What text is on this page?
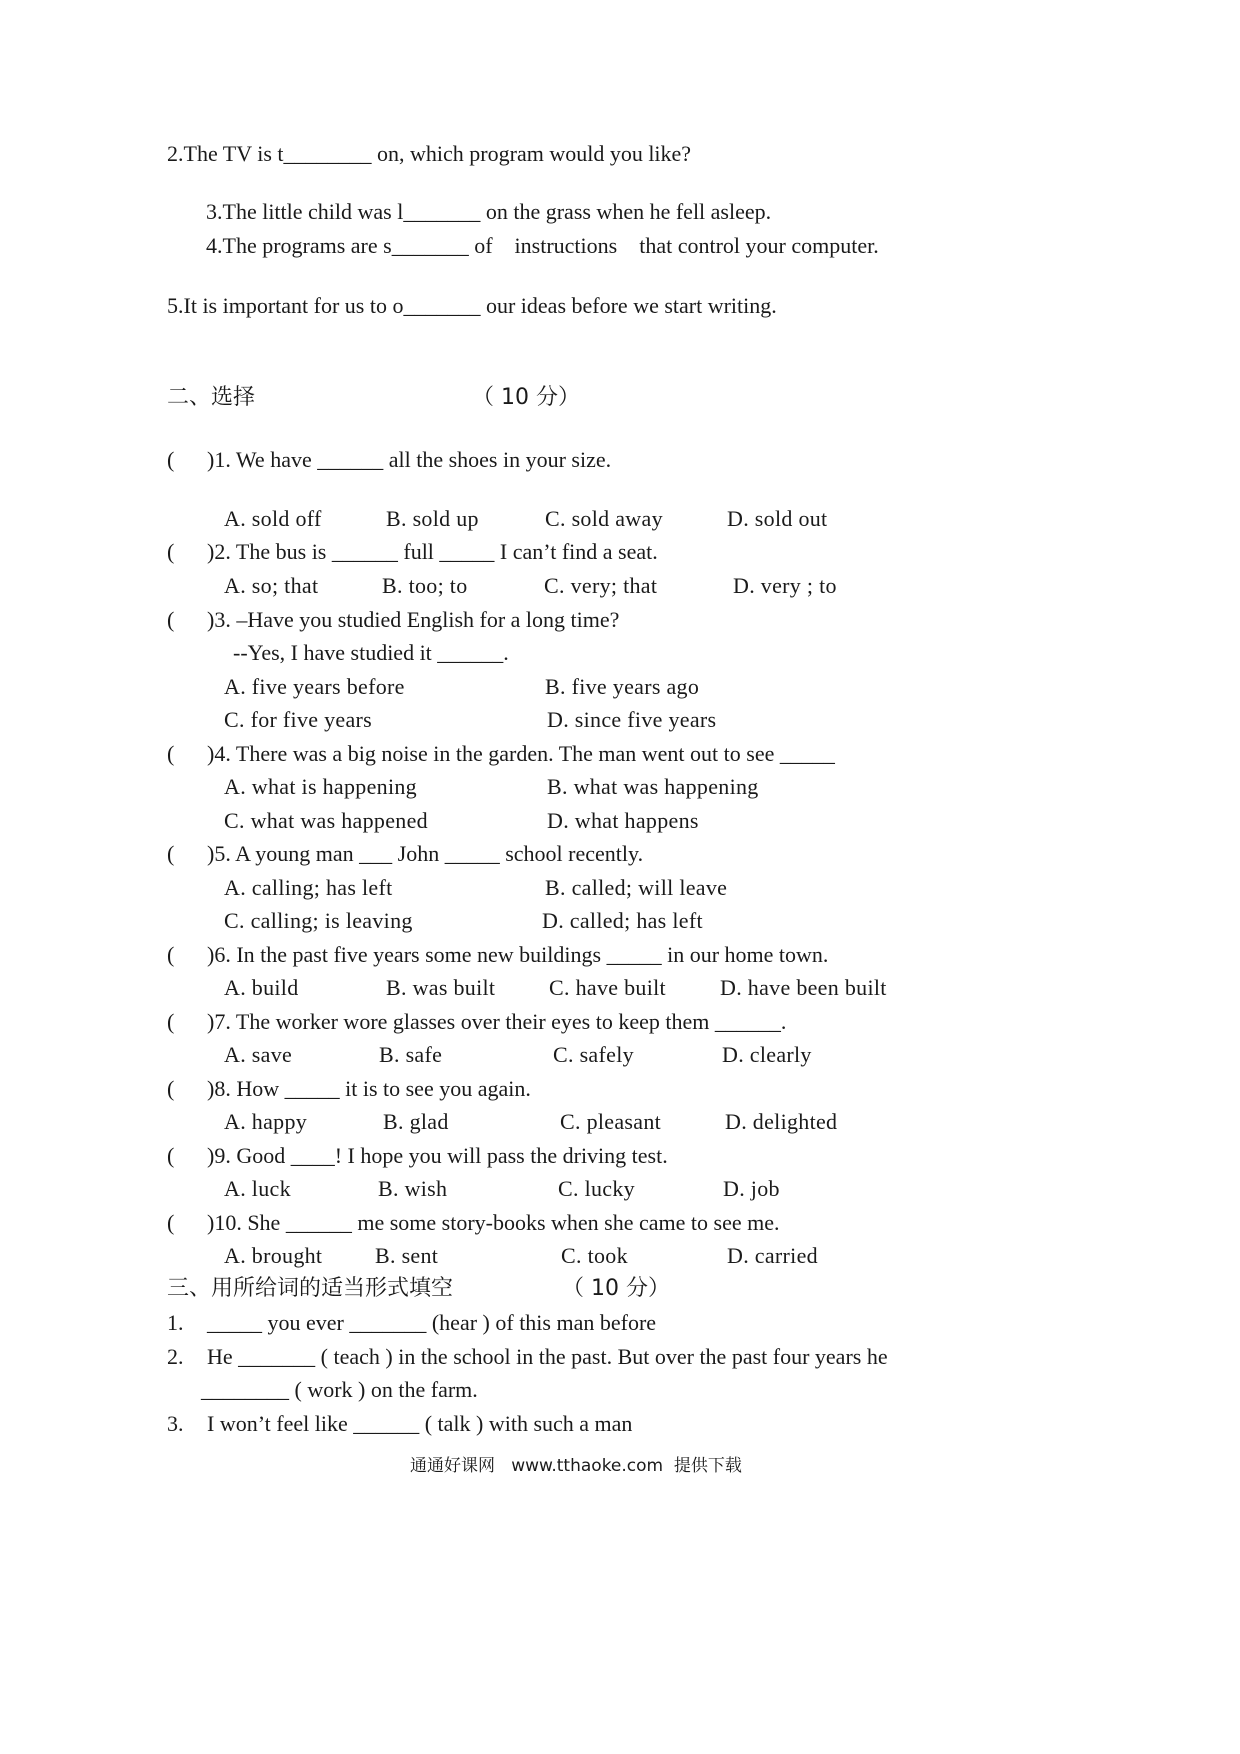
2.The TV is t________ on, which program would you like?
3.The little child was l_______ on the grass when he fell asleep.
4.The programs are s_______ of    instructions    that control your computer.
5.It is important for us to o_______ our ideas before we start writing.
二、选择	（ 10 分）
( )1. We have ______ all the shoes in your size.
A. sold off	B. sold up	C. sold away	D. sold out
( )2. The bus is ______ full _____ I can’t find a seat.
A. so; that	B. too; to	C. very; that	D. very ; to
( )3. –Have you studied English for a long time?
--Yes, I have studied it ______.
A. five years before	B. five years ago
C. for five years	D. since five years
( )4. There was a big noise in the garden. The man went out to see _____
A. what is happening	B. what was happening
C. what was happened	D. what happens
( )5. A young man ___ John _____ school recently.
A. calling; has left	B. called; will leave
C. calling; is leaving	D. called; has left
( )6. In the past five years some new buildings _____ in our home town.
A. build	B. was built C. have built D. have been built
( )7. The worker wore glasses over their eyes to keep them ______.
A. save	B. safe	C. safely	D. clearly
( )8. How _____ it is to see you again.
A. happy	B. glad	C. pleasant	D. delighted
( )9. Good ____! I hope you will pass the driving test.
A. luck	B. wish	C. lucky	D. job
( )10. She ______ me some story-books when she came to see me.
A. brought B. sent	C. took	D. carried
三、用所给词的适当形式填空	（ 10 分）
1. _____ you ever _______ (hear ) of this man before
2. He _______ ( teach ) in the school in the past. But over the past four years he
________ ( work ) on the farm.
3. I won’t feel like ______ ( talk ) with such a man
通通好课网   www.tthaoke.com  提供下载
